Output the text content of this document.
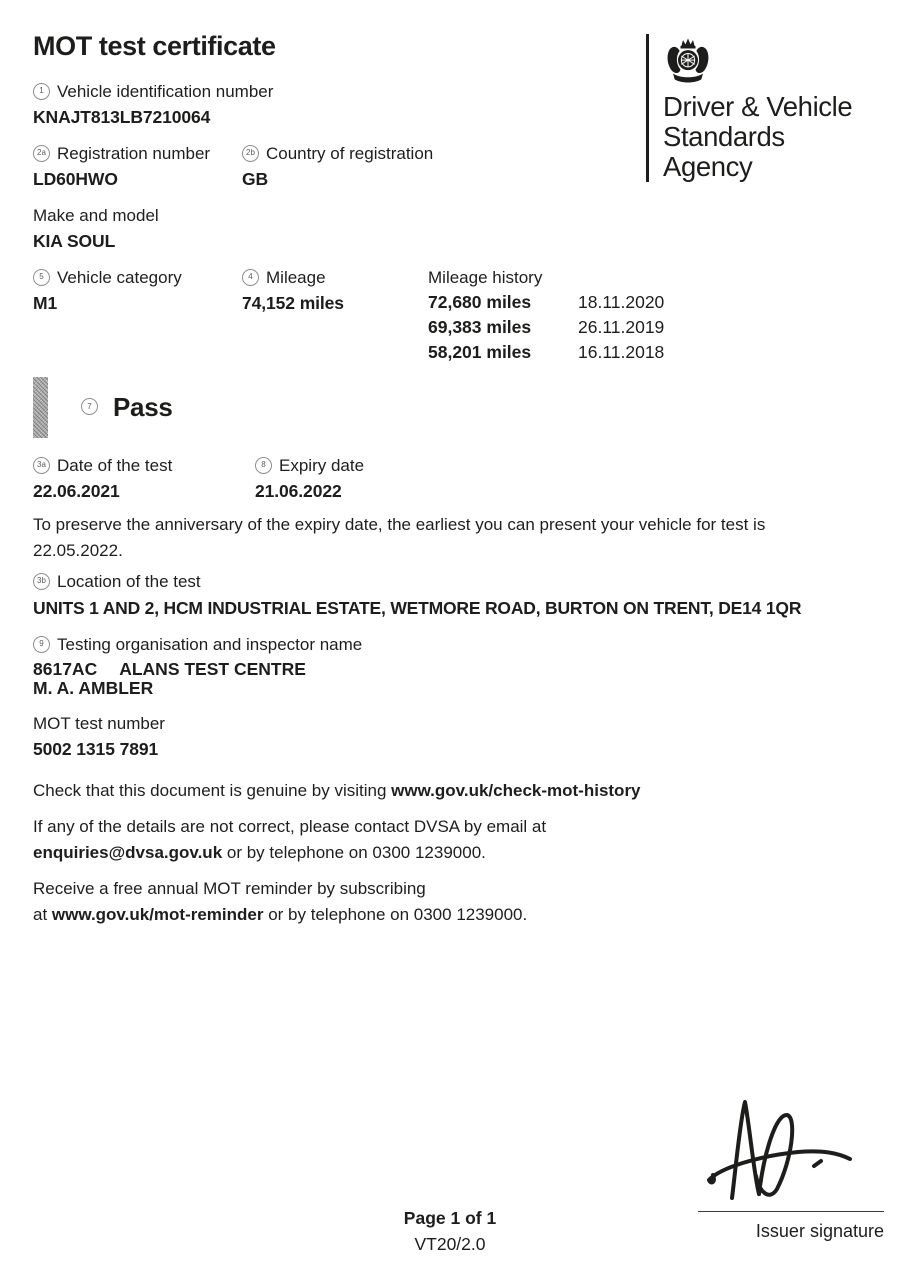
MOT test certificate
1 Vehicle identification number
KNAJT813LB7210064
2a Registration number
LD60HWO
2b Country of registration
GB
Make and model
KIA SOUL
5 Vehicle category
M1
4 Mileage
74,152 miles
Mileage history
72,680 miles	18.11.2020
69,383 miles	26.11.2019
58,201 miles	16.11.2018
7 Pass
3a Date of the test
22.06.2021
8 Expiry date
21.06.2022
To preserve the anniversary of the expiry date, the earliest you can present your vehicle for test is
22.05.2022.
3b Location of the test
UNITS 1 AND 2, HCM INDUSTRIAL ESTATE, WETMORE ROAD, BURTON ON TRENT, DE14 1QR
9 Testing organisation and inspector name
8617AC ALANS TEST CENTRE
M. A. AMBLER
MOT test number
5002 1315 7891
Check that this document is genuine by visiting www.gov.uk/check-mot-history
If any of the details are not correct, please contact DVSA by email at
enquiries@dvsa.gov.uk or by telephone on 0300 1239000.
Receive a free annual MOT reminder by subscribing
at www.gov.uk/mot-reminder or by telephone on 0300 1239000.
Driver & Vehicle
Standards
Agency
Page 1 of 1
VT20/2.0
Issuer signature
